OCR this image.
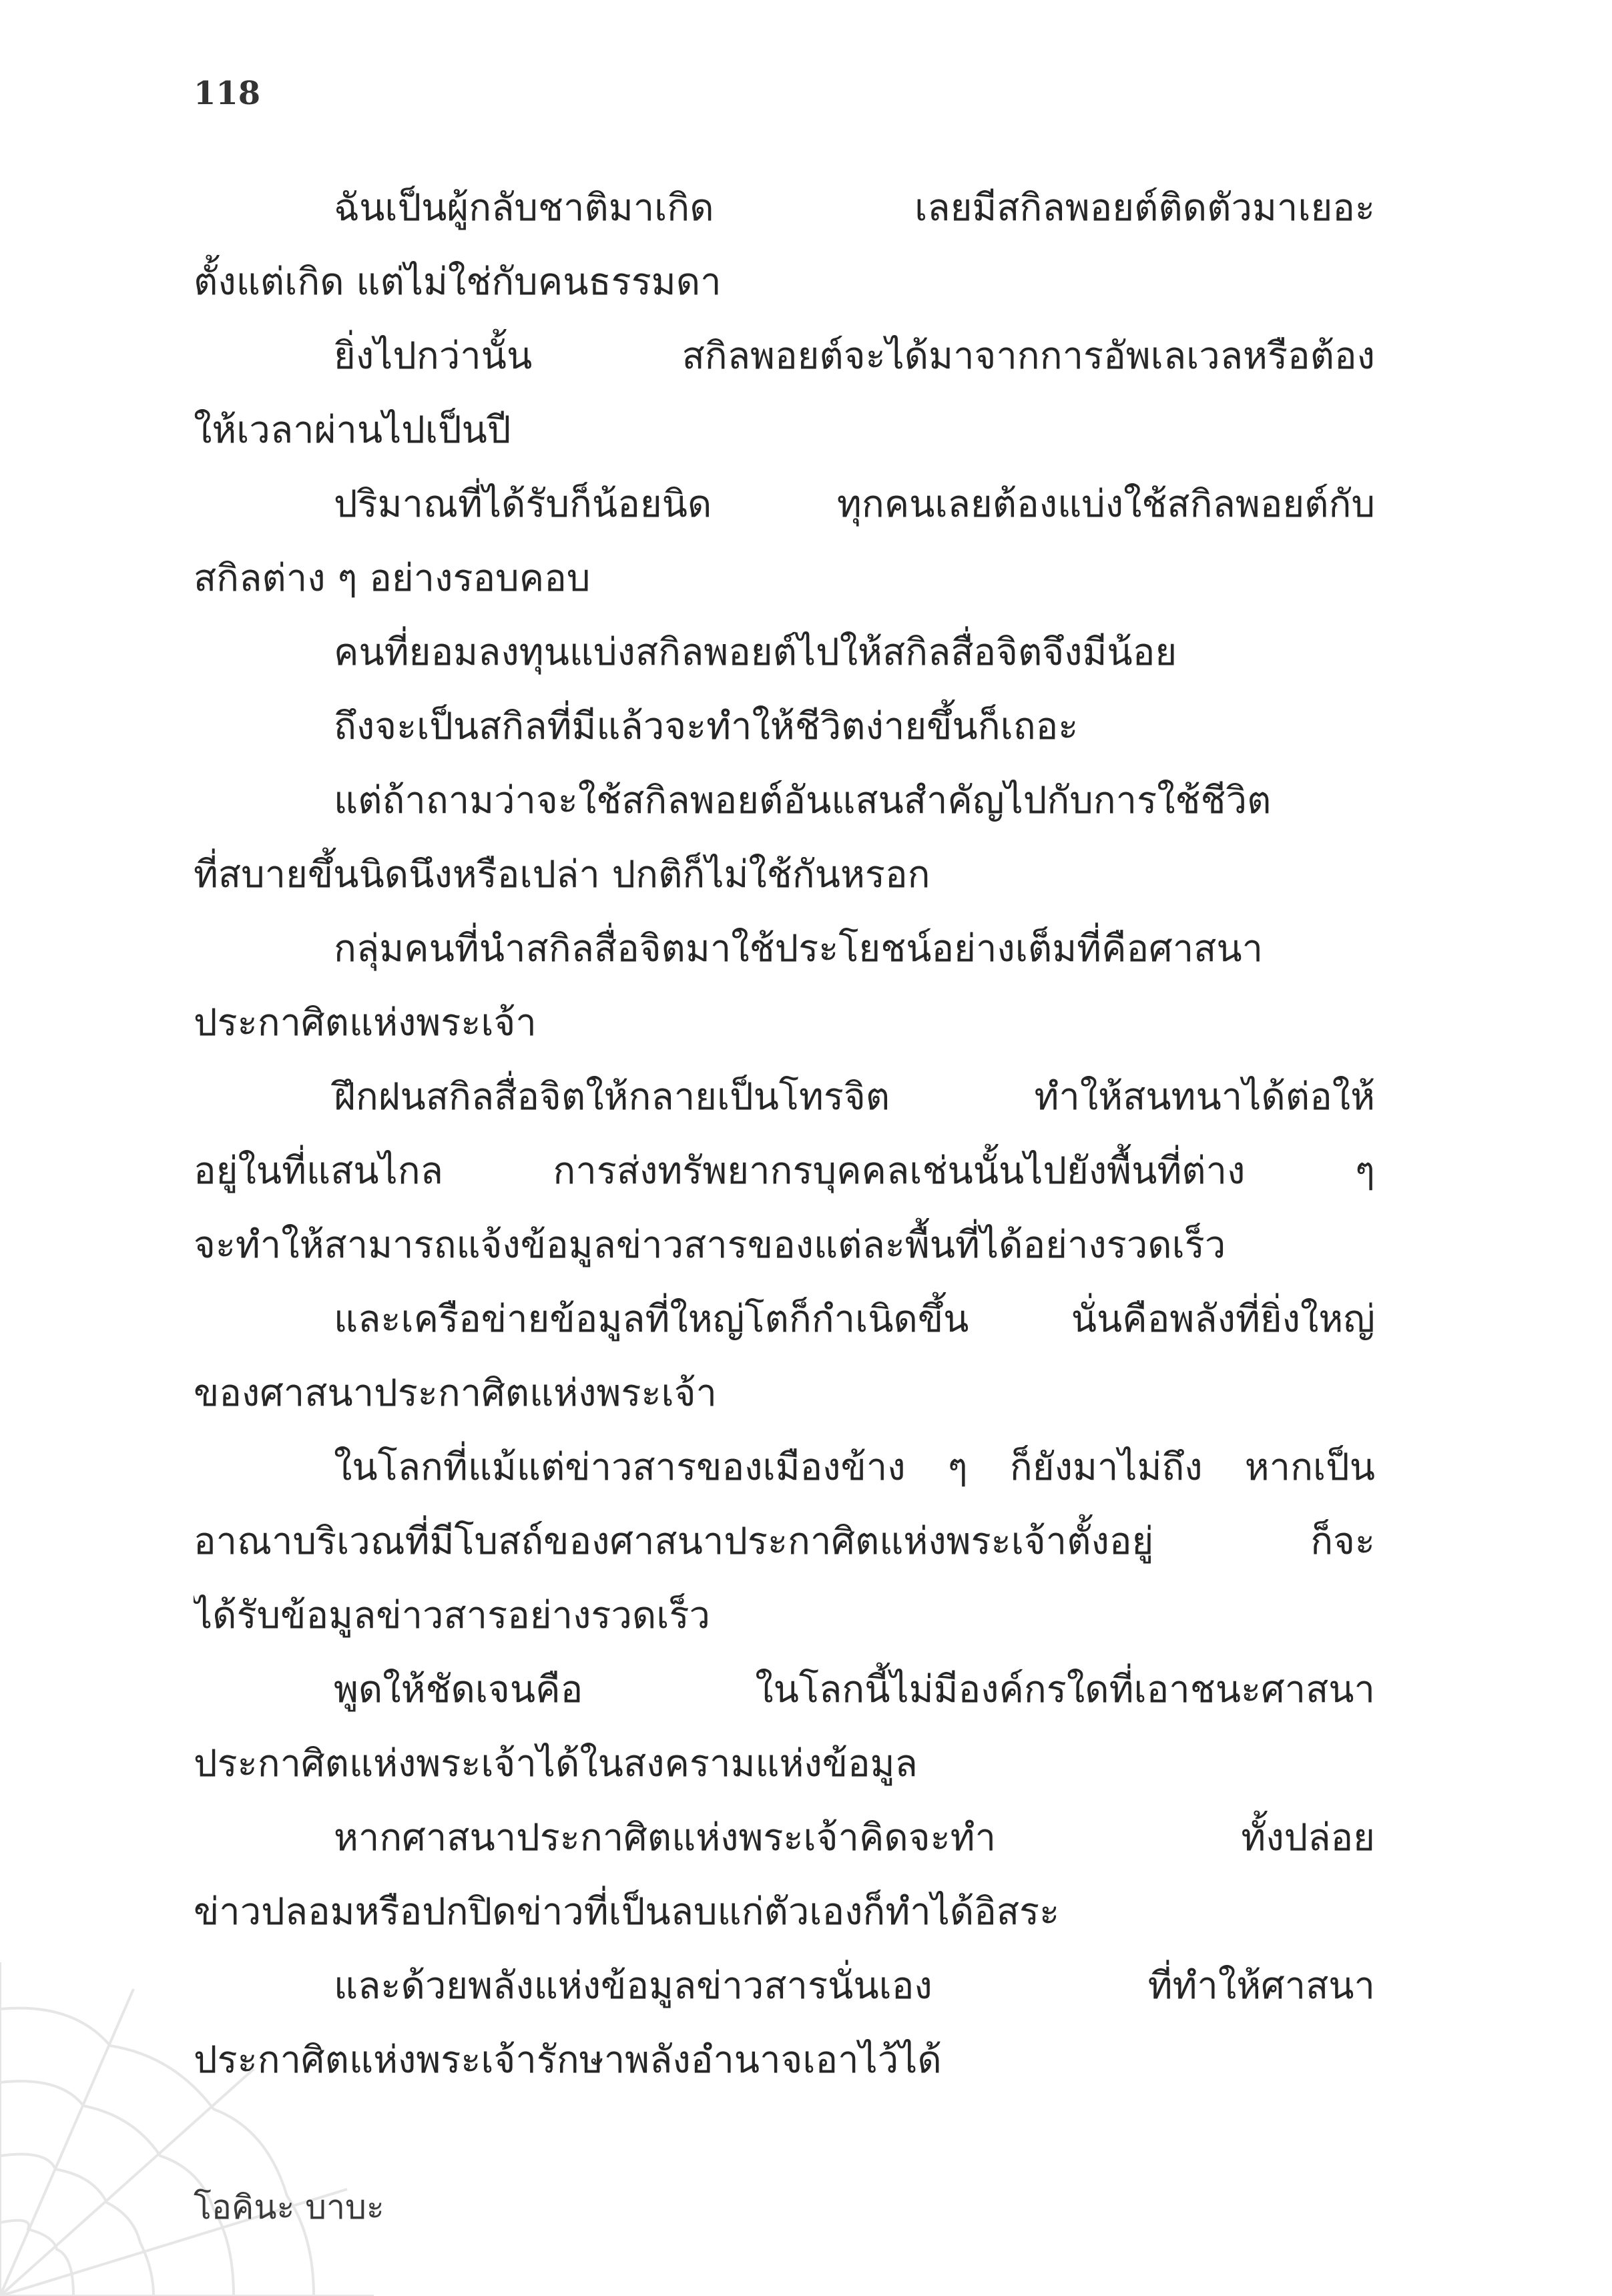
118
ฉันเป็นผู้กลับชาติมาเกิด เลยมีสกิลพอยต์ติดตัวมาเยอะ
ตั้งแต่เกิด แต่ไม่ใช่กับคนธรรมดา
ยิ่งไปกว่านั้น สกิลพอยต์จะได้มาจากการอัพเลเวลหรือต้อง
ให้เวลาผ่านไปเป็นปี
ปริมาณที่ได้รับก็น้อยนิด ทุกคนเลยต้องแบ่งใช้สกิลพอยต์กับ
สกิลต่าง ๆ อย่างรอบคอบ
คนที่ยอมลงทุนแบ่งสกิลพอยต์ไปให้สกิลสื่อจิตจึงมีน้อย
ถึงจะเป็นสกิลที่มีแล้วจะทำให้ชีวิตง่ายขึ้นก็เถอะ
แต่ถ้าถามว่าจะใช้สกิลพอยต์อันแสนสำคัญไปกับการใช้ชีวิต
ที่สบายขึ้นนิดนึงหรือเปล่า ปกติก็ไม่ใช้กันหรอก
กลุ่มคนที่นำสกิลสื่อจิตมาใช้ประโยชน์อย่างเต็มที่คือศาสนา
ประกาศิตแห่งพระเจ้า
ฝึกฝนสกิลสื่อจิตให้กลายเป็นโทรจิต ทำให้สนทนาได้ต่อให้
อยู่ในที่แสนไกล การส่งทรัพยากรบุคคลเช่นนั้นไปยังพื้นที่ต่าง ๆ
จะทำให้สามารถแจ้งข้อมูลข่าวสารของแต่ละพื้นที่ได้อย่างรวดเร็ว
และเครือข่ายข้อมูลที่ใหญ่โตก็กำเนิดขึ้น นั่นคือพลังที่ยิ่งใหญ่
ของศาสนาประกาศิตแห่งพระเจ้า
ในโลกที่แม้แต่ข่าวสารของเมืองข้าง ๆ ก็ยังมาไม่ถึง หากเป็น
อาณาบริเวณที่มีโบสถ์ของศาสนาประกาศิตแห่งพระเจ้าตั้งอยู่ ก็จะ
ได้รับข้อมูลข่าวสารอย่างรวดเร็ว
พูดให้ชัดเจนคือ ในโลกนี้ไม่มีองค์กรใดที่เอาชนะศาสนา
ประกาศิตแห่งพระเจ้าได้ในสงครามแห่งข้อมูล
หากศาสนาประกาศิตแห่งพระเจ้าคิดจะทำ ทั้งปล่อย
ข่าวปลอมหรือปกปิดข่าวที่เป็นลบแก่ตัวเองก็ทำได้อิสระ
และด้วยพลังแห่งข้อมูลข่าวสารนั่นเอง ที่ทำให้ศาสนา
ประกาศิตแห่งพระเจ้ารักษาพลังอำนาจเอาไว้ได้
โอคินะ บาบะ
